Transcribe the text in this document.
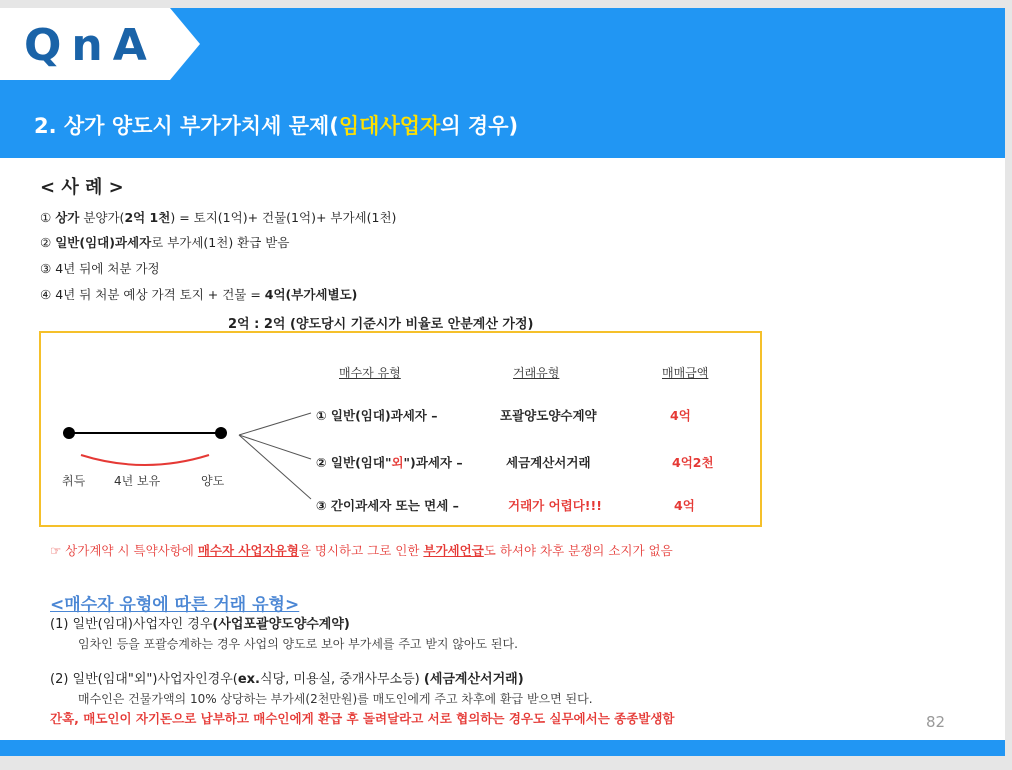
QnA
2. 상가 양도시 부가가치세 문제(임대사업자의 경우)
< 사 례 >
① 상가 분양가(2억 1천) = 토지(1억)+ 건물(1억)+ 부가세(1천)
② 일반(임대)과세자로 부가세(1천) 환급 받음
③ 4년 뒤에 처분 가정
④ 4년 뒤 처분 예상 가격 토지 + 건물 = 4억(부가세별도)
2억 : 2억 (양도당시 기준시가 비율로 안분계산 가정)
취득 4년 보유	양도
매수자 유형	거래유형	매매금액
① 일반(임대)과세자 –	포괄양도양수계약	4억
② 일반(임대"외")과세자 –	세금계산서거래	4억2천
③ 간이과세자 또는 면세 –	거래가 어렵다!!!	4억
☞ 상가계약 시 특약사항에 매수자 사업자유형을 명시하고 그로 인한 부가세언급도 하셔야 차후 분쟁의 소지가 없음
<매수자 유형에 따른 거래 유형>
(1) 일반(임대)사업자인 경우(사업포괄양도양수계약)
임차인 등을 포괄승계하는 경우 사업의 양도로 보아 부가세를 주고 받지 않아도 된다.
(2) 일반(임대"외")사업자인경우(ex.식당, 미용실, 중개사무소등) (세금계산서거래)
매수인은 건물가액의 10% 상당하는 부가세(2천만원)를 매도인에게 주고 차후에 환급 받으면 된다.
간혹, 매도인이 자기돈으로 납부하고 매수인에게 환급 후 돌려달라고 서로 협의하는 경우도 실무에서는 종종발생함	82
